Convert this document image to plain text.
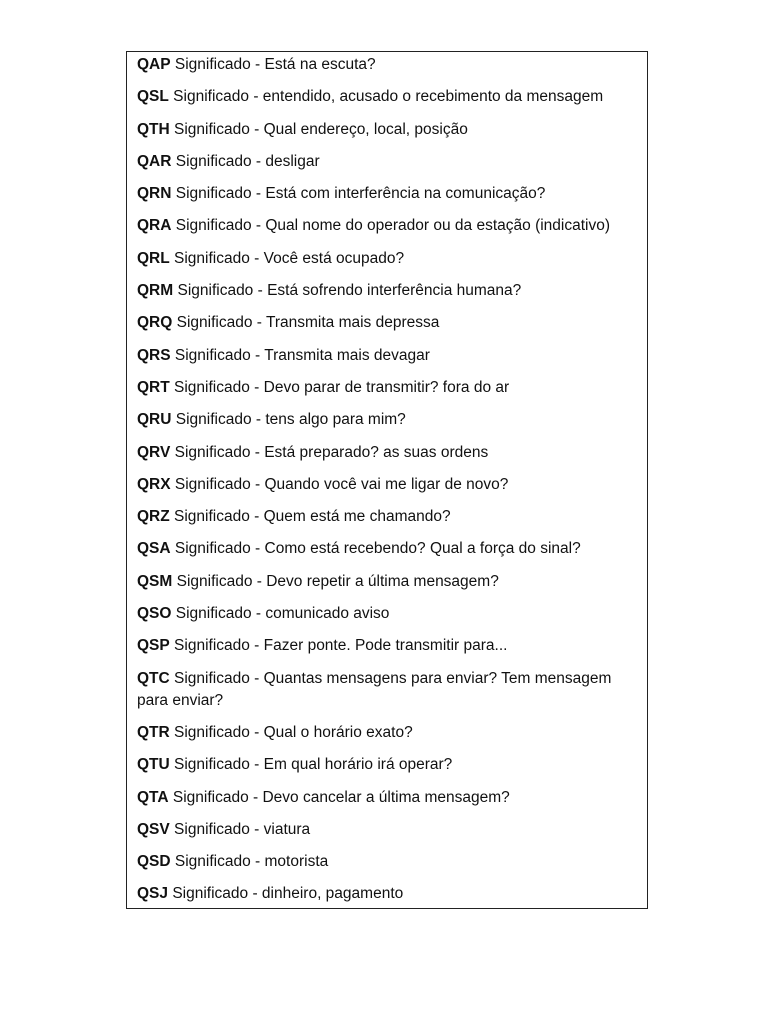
QAP Significado - Está na escuta?
QSL Significado - entendido, acusado o recebimento da mensagem
QTH Significado - Qual endereço, local, posição
QAR Significado - desligar
QRN Significado - Está com interferência na comunicação?
QRA Significado - Qual nome do operador ou da estação (indicativo)
QRL Significado - Você está ocupado?
QRM Significado - Está sofrendo interferência humana?
QRQ Significado - Transmita mais depressa
QRS Significado - Transmita mais devagar
QRT Significado - Devo parar de transmitir? fora do ar
QRU Significado - tens algo para mim?
QRV Significado - Está preparado? as suas ordens
QRX Significado - Quando você vai me ligar de novo?
QRZ Significado - Quem está me chamando?
QSA Significado - Como está recebendo? Qual a força do sinal?
QSM Significado - Devo repetir a última mensagem?
QSO Significado - comunicado aviso
QSP Significado - Fazer ponte. Pode transmitir para...
QTC Significado - Quantas mensagens para enviar? Tem mensagem para enviar?
QTR Significado - Qual o horário exato?
QTU Significado - Em qual horário irá operar?
QTA Significado - Devo cancelar a última mensagem?
QSV Significado - viatura
QSD Significado - motorista
QSJ Significado - dinheiro, pagamento
